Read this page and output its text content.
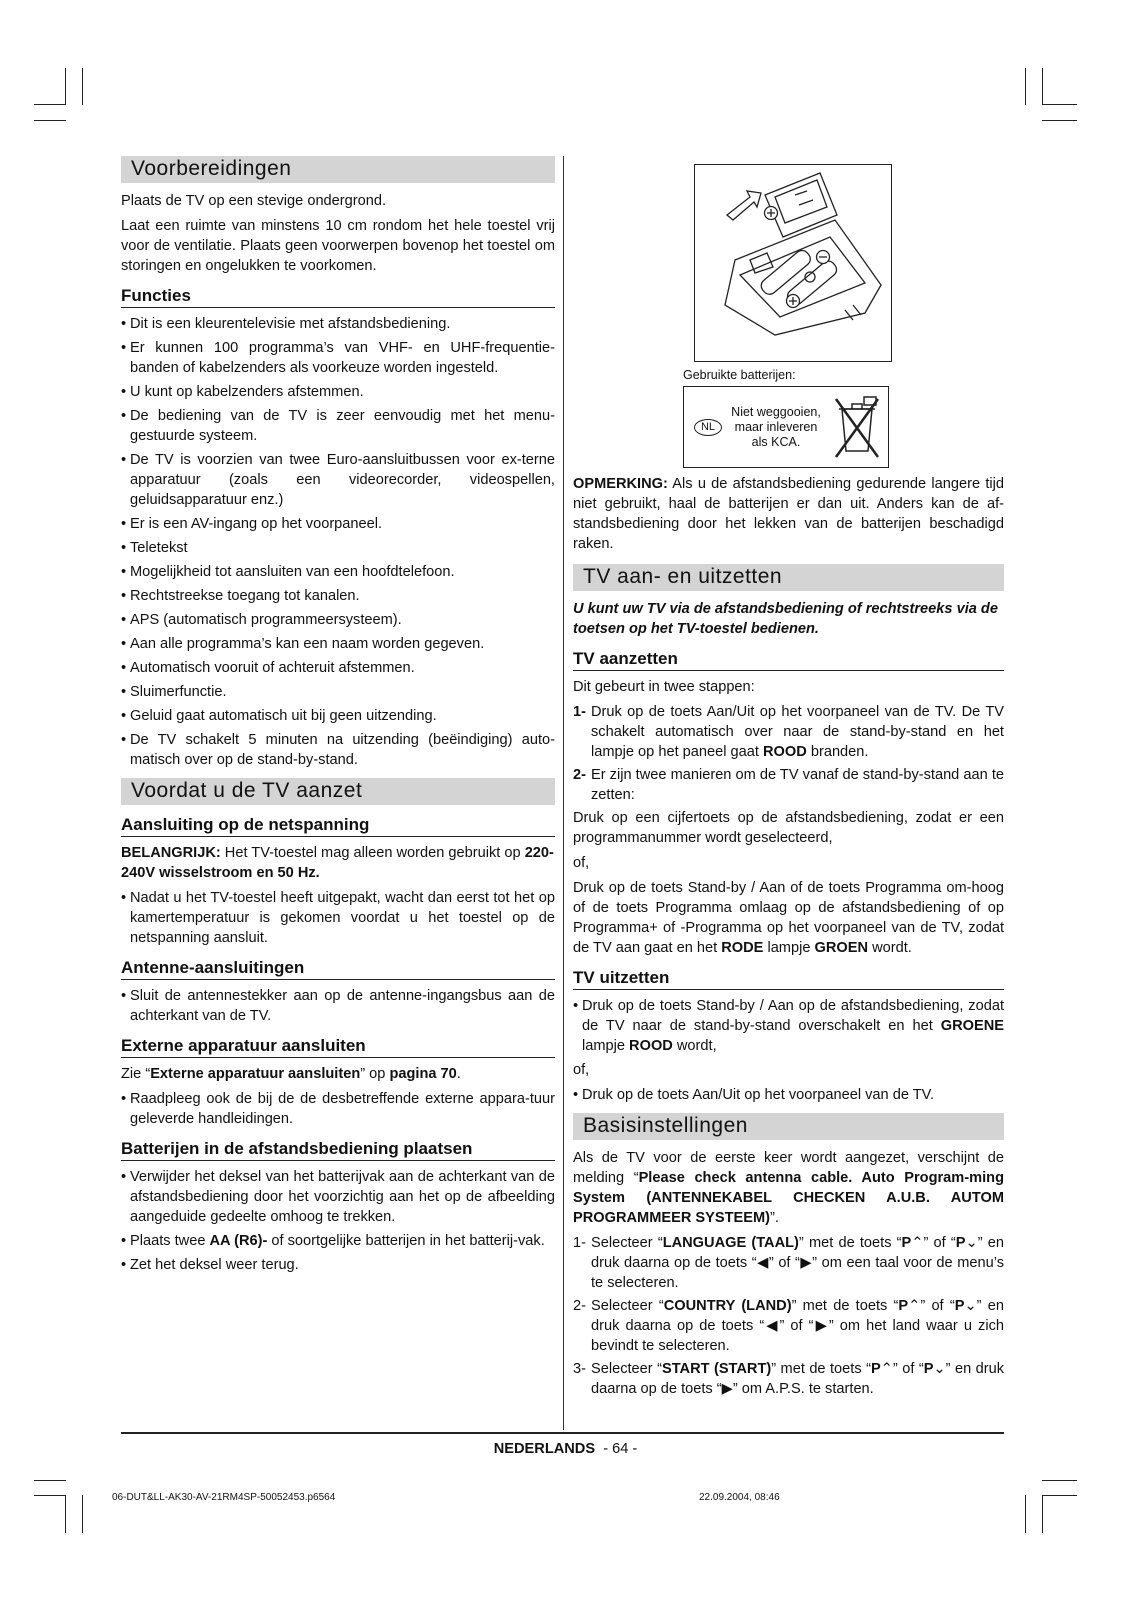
Voorbereidingen

Plaats de TV op een stevige ondergrond.

Laat een ruimte van minstens 10 cm rondom het hele toestel vrij voor de ventilatie. Plaats geen voorwerpen bovenop het toestel om storingen en ongelukken te voorkomen.

Functies
• Dit is een kleurentelevisie met afstandsbediening.
• Er kunnen 100 programma’s van VHF- en UHF-frequentie-banden of kabelzenders als voorkeuze worden ingesteld.
• U kunt op kabelzenders afstemmen.
• De bediening van de TV is zeer eenvoudig met het menu-gestuurde systeem.
• De TV is voorzien van twee Euro-aansluitbussen voor ex-terne apparatuur (zoals een videorecorder, videospellen, geluidsapparatuur enz.)
• Er is een AV-ingang op het voorpaneel.
• Teletekst
• Mogelijkheid tot aansluiten van een hoofdtelefoon.
• Rechtstreekse toegang tot kanalen.
• APS (automatisch programmeersysteem).
• Aan alle programma’s kan een naam worden gegeven.
• Automatisch vooruit of achteruit afstemmen.
• Sluimerfunctie.
• Geluid gaat automatisch uit bij geen uitzending.
• De TV schakelt 5 minuten na uitzending (beëindiging) auto-matisch over op de stand-by-stand.
Voordat u de TV aanzet
Aansluiting op de netspanning

BELANGRIJK: Het TV-toestel mag alleen worden gebruikt op 220-240V wisselstroom en 50 Hz.

• Nadat u het TV-toestel heeft uitgepakt, wacht dan eerst tot het op kamertemperatuur is gekomen voordat u het toestel op de netspanning aansluit.
Antenne-aansluitingen
• Sluit de antennestekker aan op de antenne-ingangsbus aan de achterkant van de TV.
Externe apparatuur aansluiten

Zie “Externe apparatuur aansluiten” op pagina 70.

• Raadpleeg ook de bij de de desbetreffende externe appara-tuur geleverde handleidingen.
Batterijen in de afstandsbediening plaatsen
• Verwijder het deksel van het batterijvak aan de achterkant van de afstandsbediening door het voorzichtig aan het op de afbeelding aangeduide gedeelte omhoog te trekken.
• Plaats twee AA (R6)- of soortgelijke batterijen in het batterij-vak.
• Zet het deksel weer terug.
Gebruikte batterijen:
NL
Niet weggooien,
maar inleveren
als KCA.

OPMERKING: Als u de afstandsbediening gedurende langere tijd niet gebruikt, haal de batterijen er dan uit. Anders kan de af-standsbediening door het lekken van de batterijen beschadigd raken.

TV aan- en uitzetten

U kunt uw TV via de afstandsbediening of rechtstreeks via de toetsen op het TV-toestel bedienen.

TV aanzetten

Dit gebeurt in twee stappen:

1- Druk op de toets Aan/Uit op het voorpaneel van de TV. De TV schakelt automatisch over naar de stand-by-stand en het lampje op het paneel gaat ROOD branden.
2- Er zijn twee manieren om de TV vanaf de stand-by-stand aan te zetten:

Druk op een cijfertoets op de afstandsbediening, zodat er een programmanummer wordt geselecteerd,

of,

Druk op de toets Stand-by / Aan of de toets Programma om-hoog of de toets Programma omlaag op de afstandsbediening of op Programma+ of -Programma op het voorpaneel van de TV, zodat de TV aan gaat en het RODE lampje GROEN wordt.

TV uitzetten
• Druk op de toets Stand-by / Aan op de afstandsbediening, zodat de TV naar de stand-by-stand overschakelt en het GROENE lampje ROOD wordt,

of,

• Druk op de toets Aan/Uit op het voorpaneel van de TV.
Basisinstellingen

Als de TV voor de eerste keer wordt aangezet, verschijnt de melding “Please check antenna cable. Auto Program-ming System (ANTENNEKABEL CHECKEN A.U.B. AUTOM PROGRAMMEER SYSTEEM)”.

1- Selecteer “LANGUAGE (TAAL)” met de toets “P⌃” of “P⌄” en druk daarna op de toets “◀” of “▶” om een taal voor de menu’s te selecteren.
2- Selecteer “COUNTRY (LAND)” met de toets “P⌃” of “P⌄” en druk daarna op de toets “◀” of “▶” om het land waar u zich bevindt te selecteren.
3- Selecteer “START (START)” met de toets “P⌃” of “P⌄” en druk daarna op de toets “▶” om A.P.S. te starten.
NEDERLANDS - 64 -
06-DUT&LL-AK30-AV-21RM4SP-50052453.p6564	22.09.2004, 08:46
